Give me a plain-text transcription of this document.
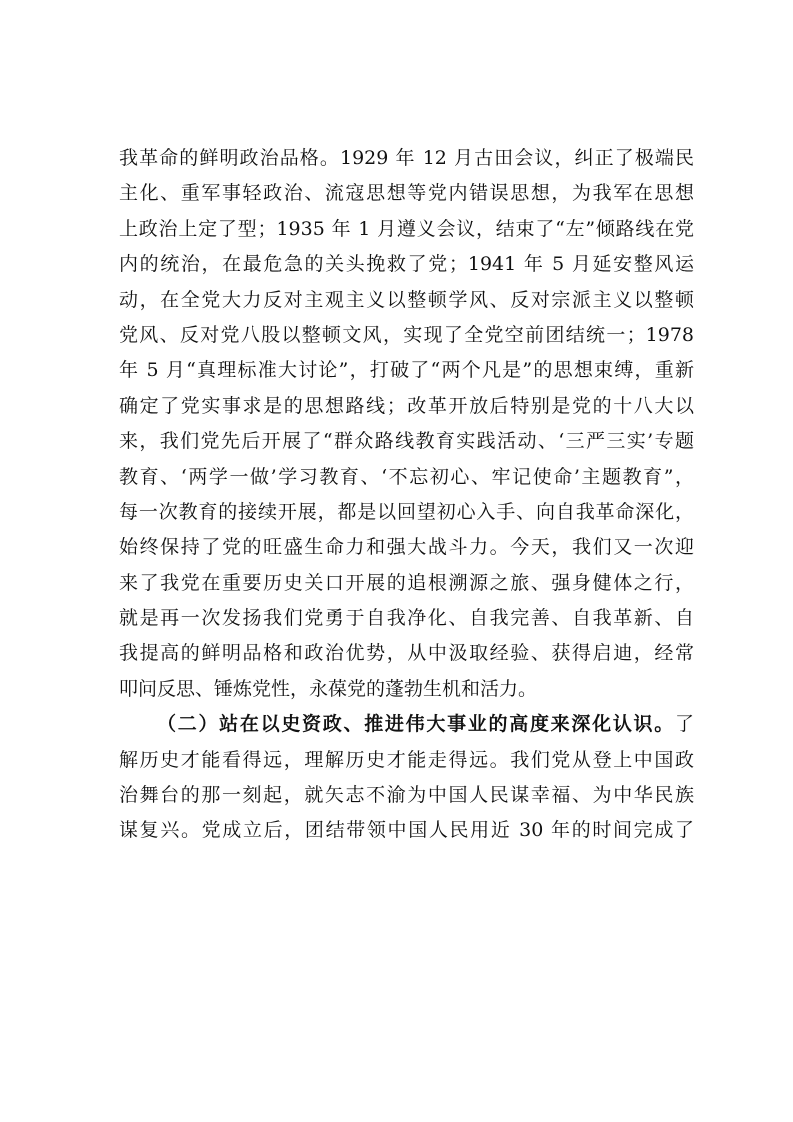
我革命的鲜明政治品格。1929 年 12 月古田会议，纠正了极端民
主化、重军事轻政治、流寇思想等党内错误思想，为我军在思想
上政治上定了型；1935 年 1 月遵义会议，结束了“左”倾路线在党
内的统治，在最危急的关头挽救了党；1941 年 5 月延安整风运
动，在全党大力反对主观主义以整顿学风、反对宗派主义以整顿
党风、反对党八股以整顿文风，实现了全党空前团结统一；1978
年 5 月“真理标准大讨论”，打破了“两个凡是”的思想束缚，重新
确定了党实事求是的思想路线；改革开放后特别是党的十八大以
来，我们党先后开展了“群众路线教育实践活动、‘三严三实’专题
教育、‘两学一做’学习教育、‘不忘初心、牢记使命’主题教育”，
每一次教育的接续开展，都是以回望初心入手、向自我革命深化，
始终保持了党的旺盛生命力和强大战斗力。今天，我们又一次迎
来了我党在重要历史关口开展的追根溯源之旅、强身健体之行，
就是再一次发扬我们党勇于自我净化、自我完善、自我革新、自
我提高的鲜明品格和政治优势，从中汲取经验、获得启迪，经常
叩问反思、锤炼党性，永葆党的蓬勃生机和活力。
（二）站在以史资政、推进伟大事业的高度来深化认识。了
解历史才能看得远，理解历史才能走得远。我们党从登上中国政
治舞台的那一刻起，就矢志不渝为中国人民谋幸福、为中华民族
谋复兴。党成立后，团结带领中国人民用近 30 年的时间完成了
